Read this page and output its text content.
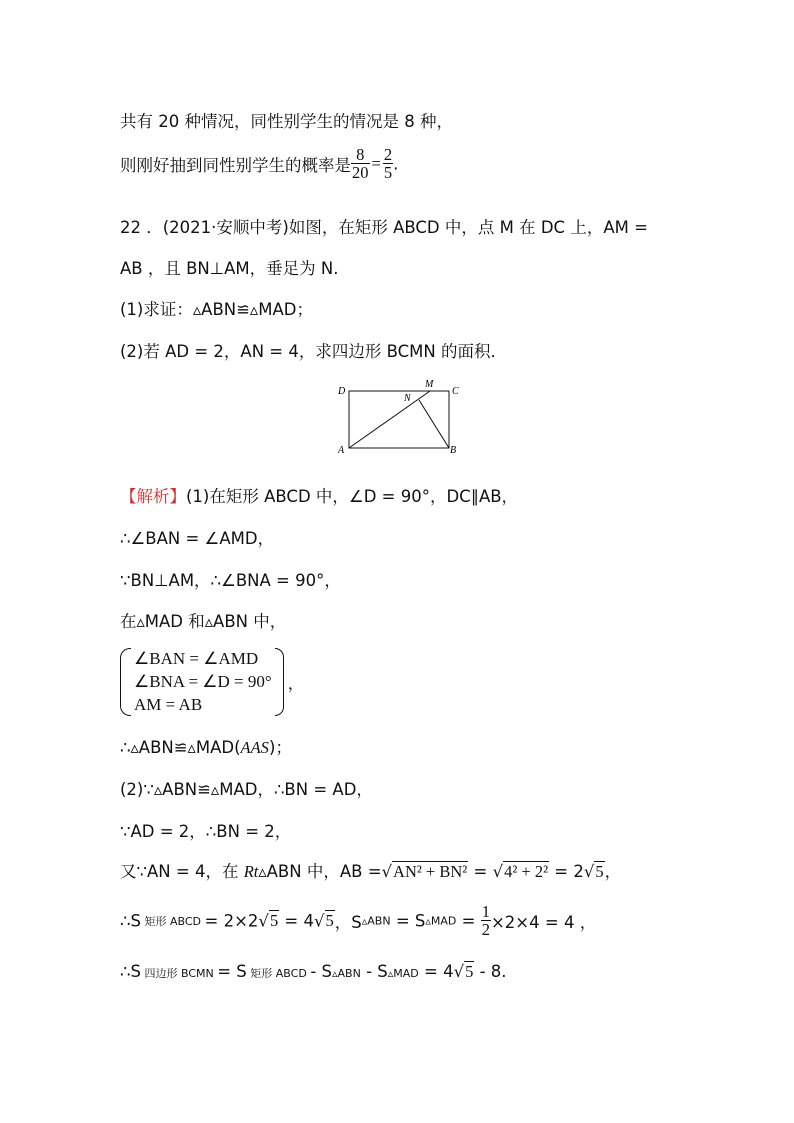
共有 20 种情况，同性别学生的情况是 8 种，
则刚好抽到同性别学生的概率是 $\frac{8}{20} = \frac{2}{5}$ .
22 ．(2021·安顺中考)如图，在矩形 ABCD 中，点 M 在 DC 上，AM =
AB ，且 BN⊥AM，垂足为 N.
(1)求证：▵ABN≌▵MAD；
(2)若 AD = 2，AN = 4，求四边形 BCMN 的面积．
D
M
C
N
A	B
【解析】(1)在矩形 ABCD 中，∠D = 90°，DC∥AB，
∴∠BAN = ∠AMD，
∵BN⊥AM，∴∠BNA = 90°，
在▵MAD 和▵ABN 中，
∠BAN = ∠AMD
∠BNA = ∠D = 90°
AM = AB
，
∴▵ABN≌▵MAD(AAS)；
(2)∵▵ABN≌▵MAD，∴BN = AD，
∵AD = 2，∴BN = 2，
又∵AN = 4，在 Rt▵ABN 中，AB =√AN² + BN² = √4² + 2² = 2√5，
∴S 矩形 ABCD = 2×2√5 = 4√5，S▵ABN = S▵MAD = $\frac{1}{2} \times 2\times 4 = 4$ ，
∴S 四边形 BCMN = S 矩形 ABCD - S▵ABN - S▵MAD = 4√5 - 8.
